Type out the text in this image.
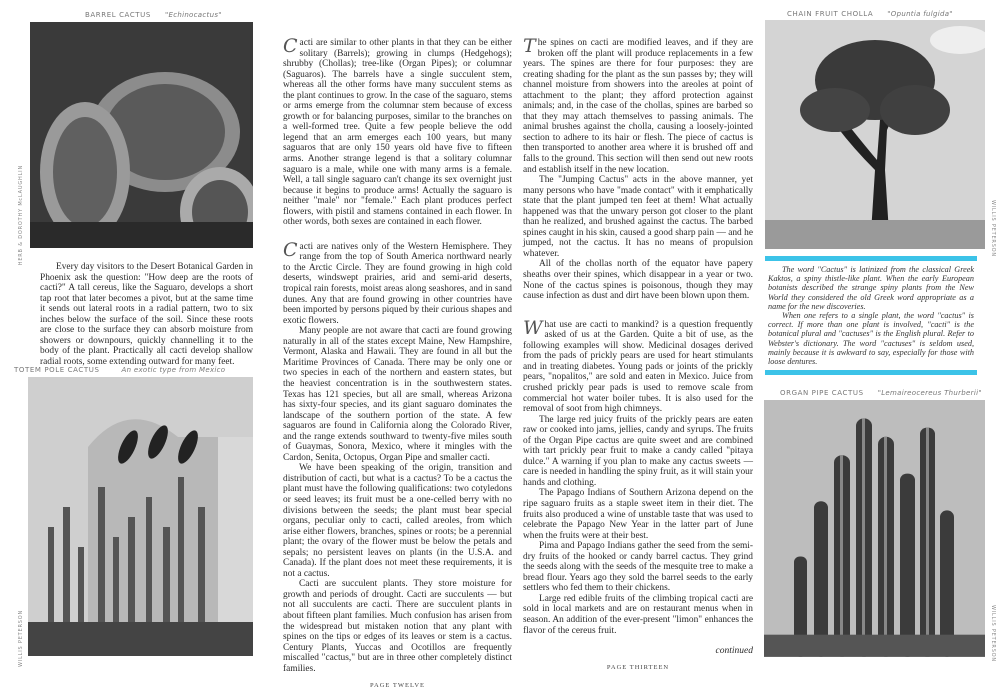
BARREL CACTUS "Echinocactus"
HERB & DOROTHY McLAUGHLIN

Every day visitors to the Desert Botanical Garden in Phoenix ask the question: "How deep are the roots of cacti?" A tall cereus, like the Saguaro, develops a short tap root that later becomes a pivot, but at the same time it sends out lateral roots in a radial pattern, two to six inches below the surface of the soil. Since these roots are close to the surface they can absorb moisture from showers or downpours, quickly channelling it to the body of the plant. Practically all cacti develop shallow radial roots, some extending outward for many feet.

TOTEM POLE CACTUS	An exotic type from Mexico
WILLIS PETERSON

Cacti are similar to other plants in that they can be either solitary (Barrels); growing in clumps (Hedgehogs); shrubby (Chollas); tree-like (Organ Pipes); or columnar (Saguaros). The barrels have a single succulent stem, whereas all the other forms have many succulent stems as the plant continues to grow. In the case of the saguaro, stems or arms emerge from the columnar stem because of excess growth or for balancing purposes, similar to the branches on a well-formed tree. Quite a few people believe the odd legend that an arm emerges each 100 years, but many saguaros that are only 150 years old have five to fifteen arms. Another strange legend is that a solitary columnar saguaro is a male, while one with many arms is a female. Well, a tall single saguaro can't change its sex overnight just because it begins to produce arms! Actually the saguaro is neither "male" nor "female." Each plant produces perfect flowers, with pistil and stamens contained in each flower. In other words, both sexes are contained in each flower.

Cacti are natives only of the Western Hemisphere. They range from the top of South America northward nearly to the Arctic Circle. They are found growing in high cold deserts, windswept prairies, arid and semi-arid deserts, tropical rain forests, moist areas along seashores, and in sand dunes. Any that are found growing in other countries have been imported by persons piqued by their curious shapes and exotic flowers.

Many people are not aware that cacti are found growing naturally in all of the states except Maine, New Hampshire, Vermont, Alaska and Hawaii. They are found in all but the Maritime Provinces of Canada. There may be only one or two species in each of the northern and eastern states, but the heaviest concentration is in the southwestern states. Texas has 121 species, but all are small, whereas Arizona has sixty-four species, and its giant saguaro dominates the landscape of the southern portion of the state. A few saguaros are found in California along the Colorado River, and the range extends southward to twenty-five miles south of Guaymas, Sonora, Mexico, where it mingles with the Cardon, Senita, Octopus, Organ Pipe and smaller cacti.

We have been speaking of the origin, transition and distribution of cacti, but what is a cactus? To be a cactus the plant must have the following qualifications: two cotyledons or seed leaves; its fruit must be a one-celled berry with no divisions between the seeds; the plant must bear special organs, peculiar only to cacti, called areoles, from which arise either flowers, branches, spines or roots; be a perennial plant; the ovary of the flower must be below the petals and sepals; no persistent leaves on plants (in the U.S.A. and Canada). If the plant does not meet these requirements, it is not a cactus.

Cacti are succulent plants. They store moisture for growth and periods of drought. Cacti are succulents — but not all succulents are cacti. There are succulent plants in about fifteen plant families. Much confusion has arisen from the widespread but mistaken notion that any plant with spines on the tips or edges of its leaves or stem is a cactus. Century Plants, Yuccas and Ocotillos are frequently miscalled "cactus," but are in three other completely distinct families.

PAGE TWELVE

The spines on cacti are modified leaves, and if they are broken off the plant will produce replacements in a few years. The spines are there for four purposes: they are creating shading for the plant as the sun passes by; they will channel moisture from showers into the areoles at point of attachment to the plant; they afford protection against animals; and, in the case of the chollas, spines are barbed so that they may attach themselves to passing animals. The animal brushes against the cholla, causing a loosely-jointed section to adhere to its hair or flesh. The piece of cactus is then transported to another area where it is brushed off and falls to the ground. This section will then send out new roots and establish itself in the new location.

The "Jumping Cactus" acts in the above manner, yet many persons who have "made contact" with it emphatically state that the plant jumped ten feet at them! What actually happened was that the unwary person got closer to the plant than he realized, and brushed against the cactus. The barbed spines caught in his skin, caused a good sharp pain — and he jumped, not the cactus. It has no means of propulsion whatever.

All of the chollas north of the equator have papery sheaths over their spines, which disappear in a year or two. None of the cactus spines is poisonous, though they may cause infection as dust and dirt have been blown upon them.

What use are cacti to mankind? is a question frequently asked of us at the Garden. Quite a bit of use, as the following examples will show. Medicinal dosages derived from the pads of prickly pears are used for heart stimulants and in treating diabetes. Young pads or joints of the prickly pears, "nopalitos," are sold and eaten in Mexico. Juice from crushed prickly pear pads is used to remove scale from commercial hot water boiler tubes. It is also used for the removal of soot from high chimneys.

The large red juicy fruits of the prickly pears are eaten raw or cooked into jams, jellies, candy and syrups. The fruits of the Organ Pipe cactus are quite sweet and are combined with tart prickly pear fruit to make a candy called "pitaya dulce." A warning if you plan to make any cactus sweets — care is needed in handling the spiny fruit, as it will stain your hands and clothing.

The Papago Indians of Southern Arizona depend on the ripe saguaro fruits as a staple sweet item in their diet. The fruits also produced a wine of unstable taste that was used to celebrate the Papago New Year in the latter part of June when the fruits were at their best.

Pima and Papago Indians gather the seed from the semi-dry fruits of the hooked or candy barrel cactus. They grind the seeds along with the seeds of the mesquite tree to make a bread flour. Years ago they sold the barrel seeds to the early settlers who fed them to their chickens.

Large red edible fruits of the climbing tropical cacti are sold in local markets and are on restaurant menus when in season. An addition of the ever-present "limon" enhances the flavor of the cereus fruit.

continued
PAGE THIRTEEN
CHAIN FRUIT CHOLLA "Opuntia fulgida"

The word "Cactus" is latinized from the classical Greek Kaktos, a spiny thistle-like plant. When the early European botanists described the strange spiny plants from the New World they considered the old Greek word appropriate as a name for the new discoveries.

When one refers to a single plant, the word "cactus" is correct. If more than one plant is involved, "cacti" is the botanical plural and "cactuses" is the English plural. Refer to Webster's dictionary. The word "cactuses" is seldom used, mainly because it is awkward to say, especially for those with loose dentures.

ORGAN PIPE CACTUS "Lemaireocereus Thurberii"
WILLIS PETERSON
WILLIS PETERSON
